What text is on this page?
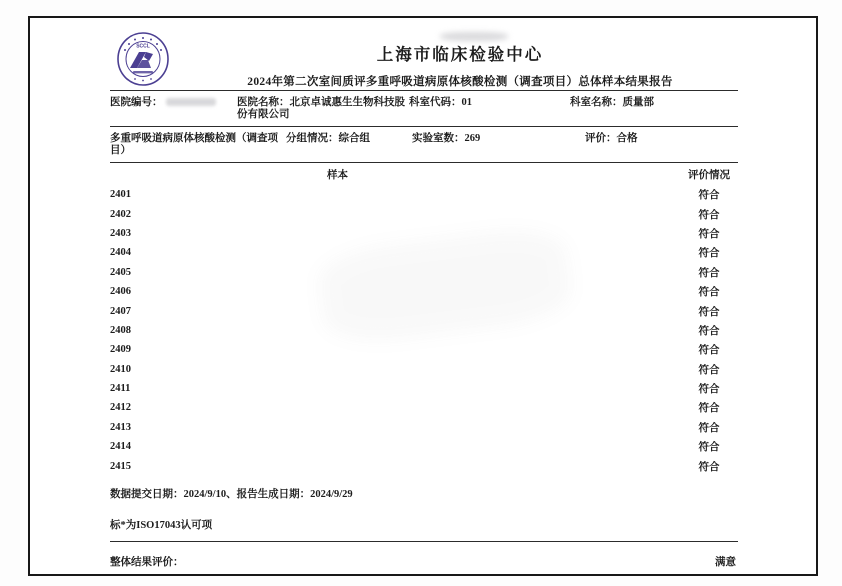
SCCL	上海市临床检验中心
2024年第二次室间质评多重呼吸道病原体核酸检测（调查项目）总体样本结果报告
医院编号：	医院名称：北京卓诚惠生生物科技股份有限公司
科室代码：01	科室名称：质量部
多重呼吸道病原体核酸检测（调查项目）
分组情况：综合组	实验室数：269	评价：合格
样本	评价情况
2401	符合
2402	符合
2403	符合
2404	符合
2405	符合
2406	符合
2407	符合
2408	符合
2409	符合
2410	符合
2411	符合
2412	符合
2413	符合
2414	符合
2415	符合
数据提交日期：2024/9/10、报告生成日期：2024/9/29
标*为ISO17043认可项
整体结果评价：	满意
